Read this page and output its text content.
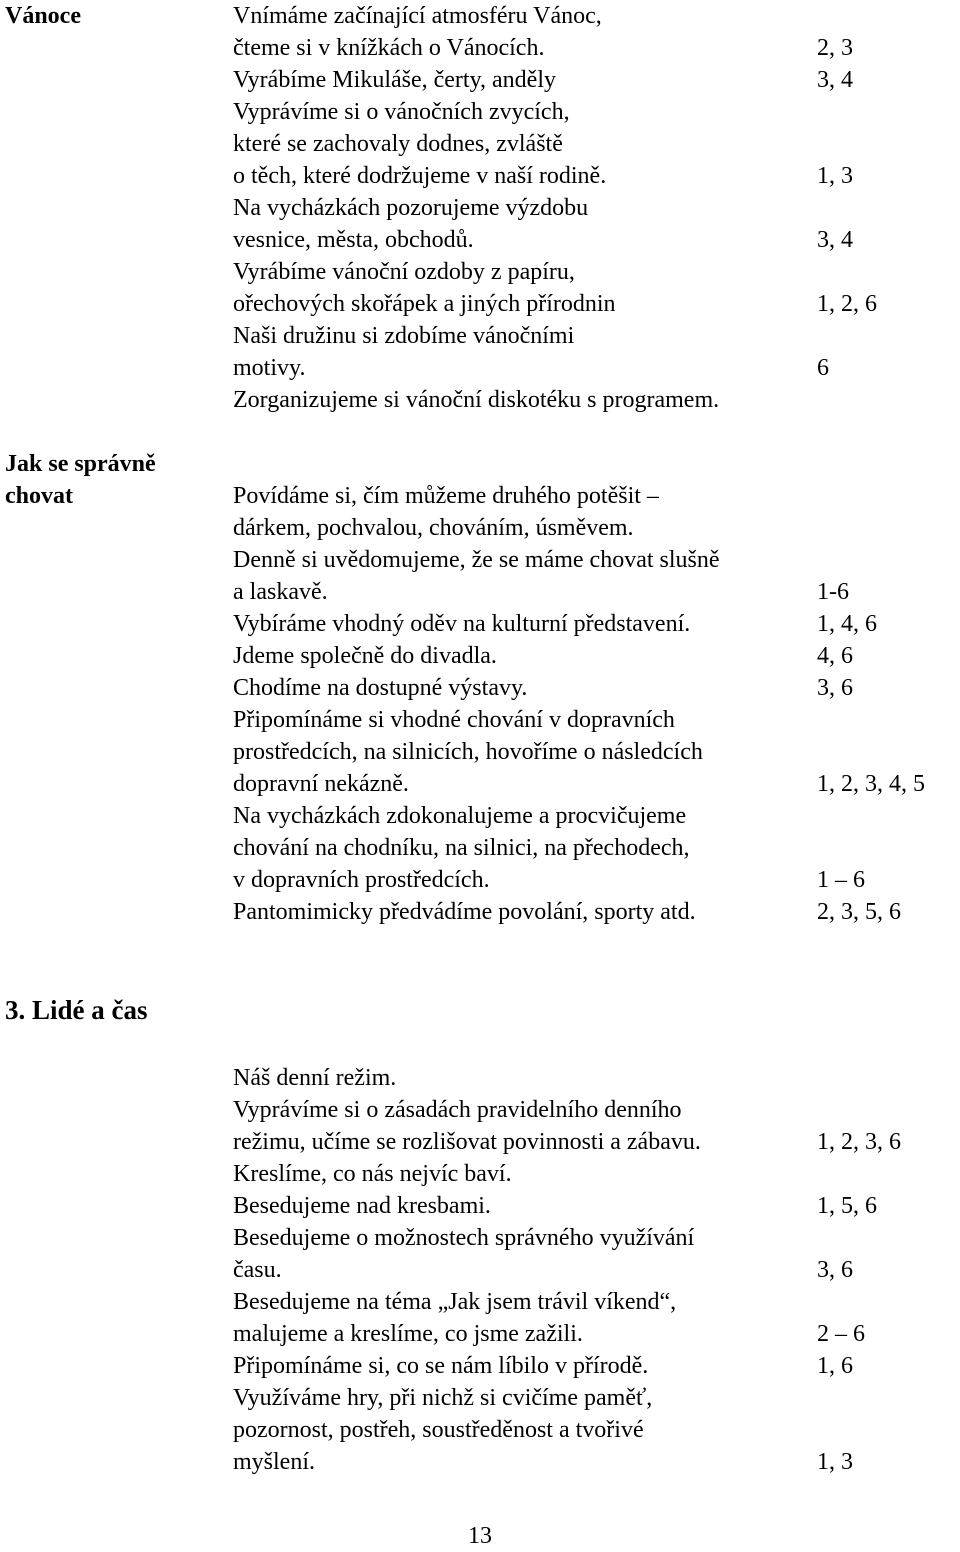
Vánoce	Vnímáme začínající atmosféru Vánoc,
čteme si v knížkách o Vánocích.	2, 3
Vyrábíme Mikuláše, čerty, anděly	3, 4
Vyprávíme si o vánočních zvycích,
které se zachovaly dodnes, zvláště
o těch, které dodržujeme v naší rodině.	1, 3
Na vycházkách pozorujeme výzdobu
vesnice, města, obchodů.	3, 4
Vyrábíme vánoční ozdoby z papíru,
ořechových skořápek a jiných přírodnin	1, 2, 6
Naši družinu si zdobíme vánočními
motivy.	6
Zorganizujeme si vánoční diskotéku s programem.
Jak se správně
chovat	Povídáme si, čím můžeme druhého potěšit –
dárkem, pochvalou, chováním, úsměvem.
Denně si uvědomujeme, že se máme chovat slušně
a laskavě.	1-6
Vybíráme vhodný oděv na kulturní představení.	1, 4, 6
Jdeme společně do divadla.	4, 6
Chodíme na dostupné výstavy.	3, 6
Připomínáme si vhodné chování v dopravních
prostředcích, na silnicích, hovoříme o následcích
dopravní nekázně.	1, 2, 3, 4, 5
Na vycházkách zdokonalujeme a procvičujeme
chování na chodníku, na silnici, na přechodech,
v dopravních prostředcích.	1 – 6
Pantomimicky předvádíme povolání, sporty atd.	2, 3, 5, 6
3. Lidé a čas
Náš denní režim.
Vyprávíme si o zásadách pravidelního denního
režimu, učíme se rozlišovat povinnosti a zábavu.	1, 2, 3, 6
Kreslíme, co nás nejvíc baví.
Besedujeme nad kresbami.	1, 5, 6
Besedujeme o možnostech správného využívání
času.	3, 6
Besedujeme na téma „Jak jsem trávil víkend“,
malujeme a kreslíme, co jsme zažili.	2 – 6
Připomínáme si, co se nám líbilo v přírodě.	1, 6
Využíváme hry, při nichž si cvičíme paměť,
pozornost, postřeh, soustředěnost a tvořivé
myšlení.	1, 3
13
